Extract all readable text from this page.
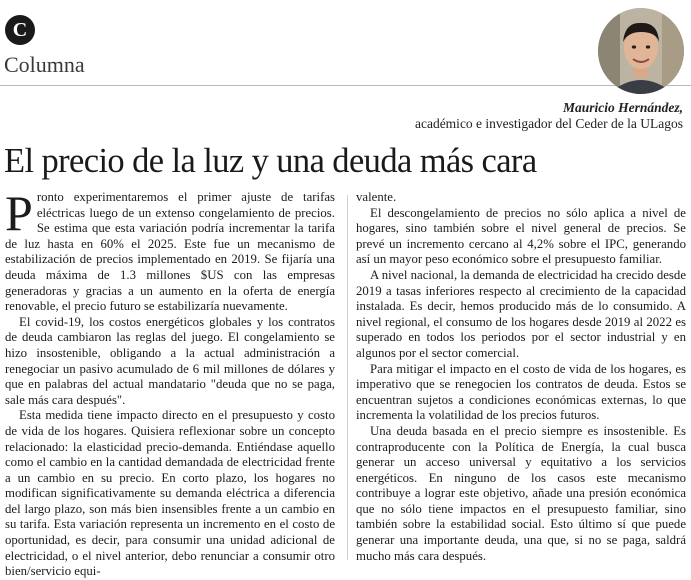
C
Columna
Mauricio Hernández,
académico e investigador del Ceder de la ULagos
El precio de la luz y una deuda más cara

Pronto experimentaremos el primer ajuste de tarifas eléctricas luego de un extenso congelamiento de precios. Se estima que esta variación podría incrementar la tarifa de luz hasta en 60% el 2025. Este fue un mecanismo de estabilización de precios implementado en 2019. Se fijaría una deuda máxima de 1.3 millones $US con las empresas generadoras y gracias a un aumento en la oferta de energía renovable, el precio futuro se estabilizaría nuevamente.

El covid-19, los costos energéticos globales y los contratos de deuda cambiaron las reglas del juego. El congelamiento se hizo insostenible, obligando a la actual administración a renegociar un pasivo acumulado de 6 mil millones de dólares y que en palabras del actual mandatario "deuda que no se paga, sale más cara después".

Esta medida tiene impacto directo en el presupuesto y costo de vida de los hogares. Quisiera reflexionar sobre un concepto relacionado: la elasticidad precio-demanda. Entiéndase aquello como el cambio en la cantidad demandada de electricidad frente a un cambio en su precio. En corto plazo, los hogares no modifican significativamente su demanda eléctrica a diferencia del largo plazo, son más bien insensibles frente a un cambio en su tarifa. Esta variación representa un incremento en el costo de oportunidad, es decir, para consumir una unidad adicional de electricidad, o el nivel anterior, debo renunciar a consumir otro bien/servicio equi-

valente.

El descongelamiento de precios no sólo aplica a nivel de hogares, sino también sobre el nivel general de precios. Se prevé un incremento cercano al 4,2% sobre el IPC, generando así un mayor peso económico sobre el presupuesto familiar.

A nivel nacional, la demanda de electricidad ha crecido desde 2019 a tasas inferiores respecto al crecimiento de la capacidad instalada. Es decir, hemos producido más de lo consumido. A nivel regional, el consumo de los hogares desde 2019 al 2022 es superado en todos los periodos por el sector industrial y en algunos por el sector comercial.

Para mitigar el impacto en el costo de vida de los hogares, es imperativo que se renegocien los contratos de deuda. Estos se encuentran sujetos a condiciones económicas externas, lo que incrementa la volatilidad de los precios futuros.

Una deuda basada en el precio siempre es insostenible. Es contraproducente con la Política de Energía, la cual busca generar un acceso universal y equitativo a los servicios energéticos. En ninguno de los casos este mecanismo contribuye a lograr este objetivo, añade una presión económica que no sólo tiene impactos en el presupuesto familiar, sino también sobre la estabilidad social. Esto último sí que puede generar una importante deuda, una que, si no se paga, saldrá mucho más cara después.
